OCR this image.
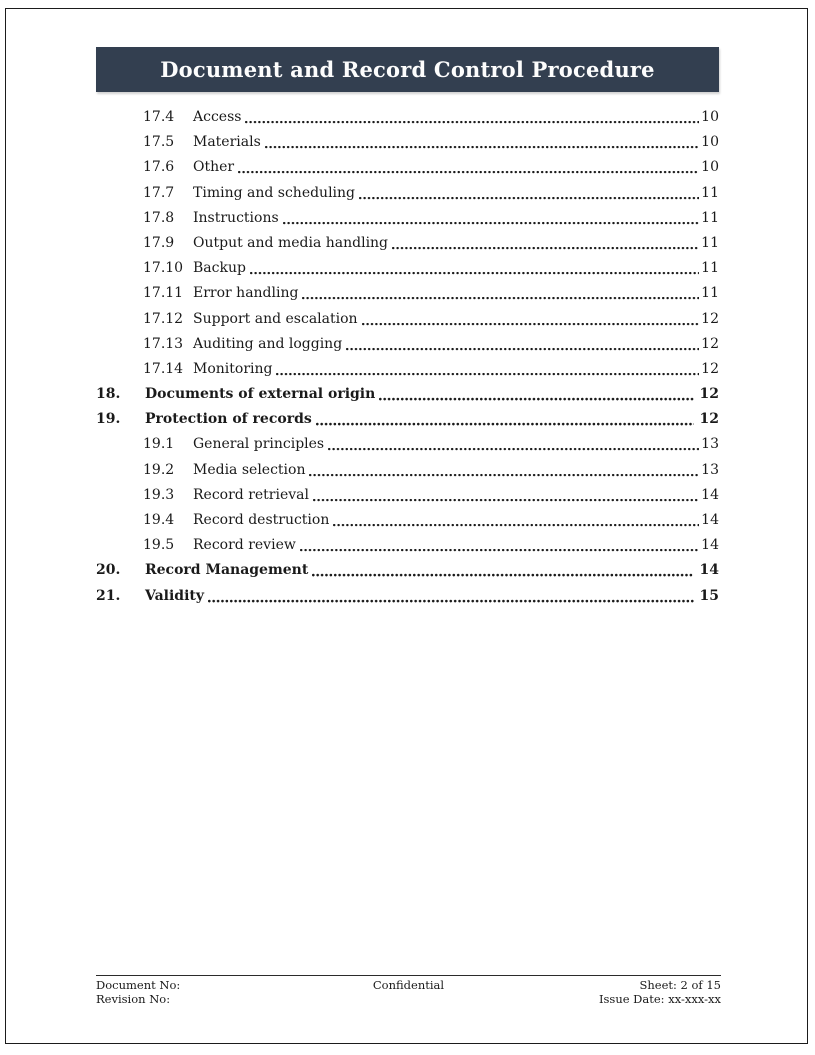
Document and Record Control Procedure
17.4	Access	10
17.5	Materials	10
17.6	Other	10
17.7	Timing and scheduling	11
17.8	Instructions	11
17.9	Output and media handling	11
17.10 Backup	11
17.11 Error handling	11
17.12 Support and escalation	12
17.13 Auditing and logging	12
17.14 Monitoring	12
18.	Documents of external origin	12
19.	Protection of records	12
19.1	General principles	13
19.2	Media selection	13
19.3	Record retrieval	14
19.4	Record destruction	14
19.5	Record review	14
20.	Record Management	14
21.	Validity	15
Document No:
Revision No:
Confidential	Sheet: 2 of 15
Issue Date: xx-xxx-xx
